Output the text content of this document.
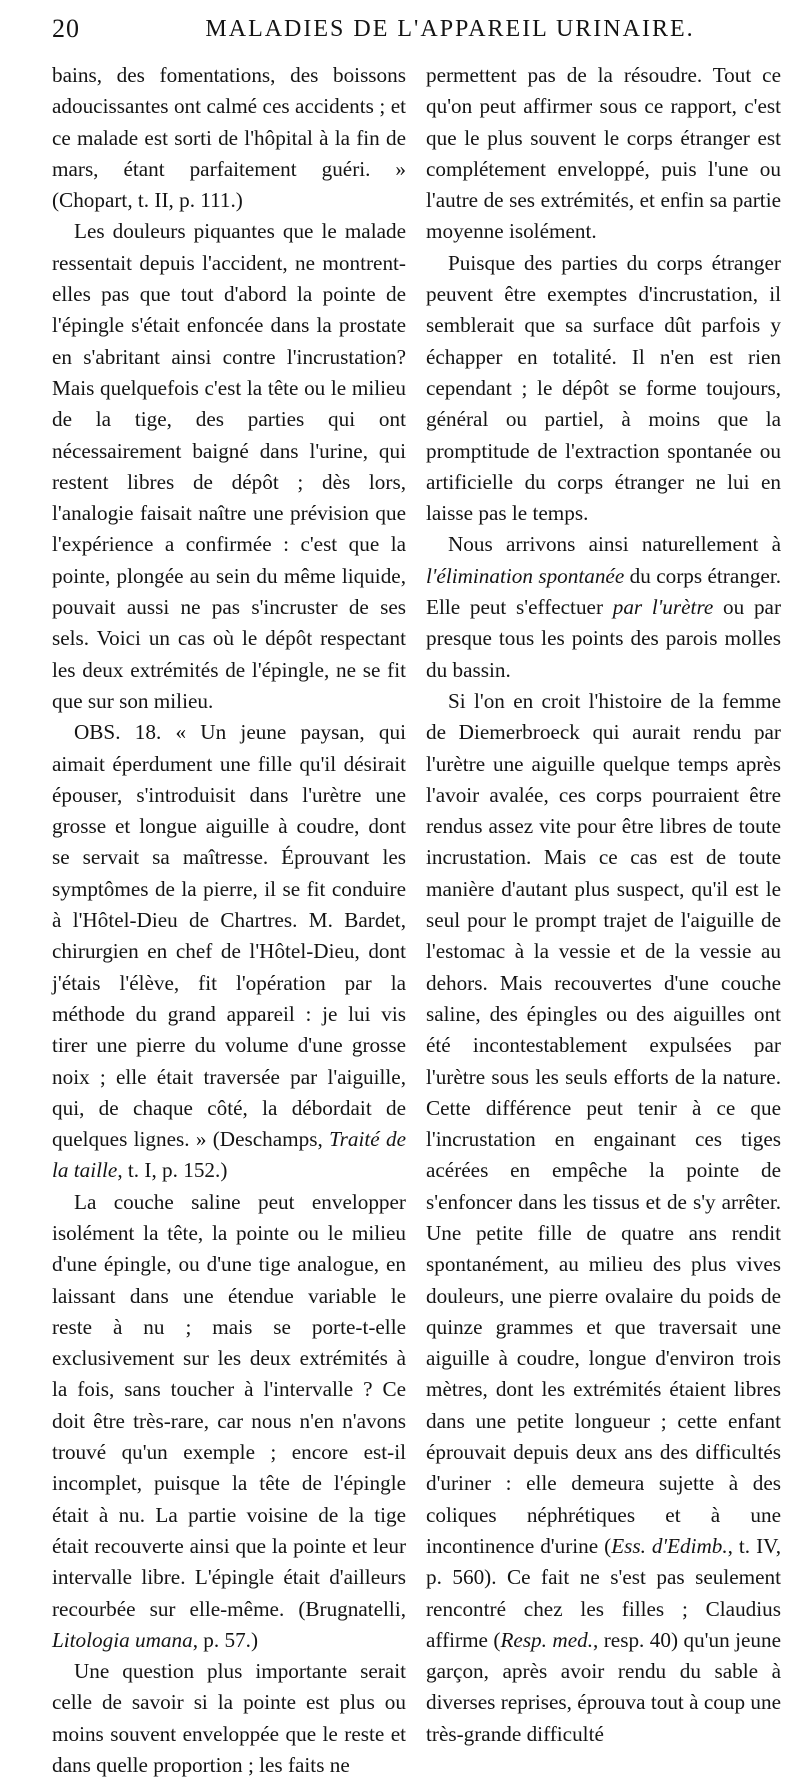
20	MALADIES DE L'APPAREIL URINAIRE.

bains, des fomentations, des boissons adoucissantes ont calmé ces accidents ; et ce malade est sorti de l'hôpital à la fin de mars, étant parfaitement guéri. » (Chopart, t. II, p. 111.)

Les douleurs piquantes que le malade ressentait depuis l'accident, ne montrent-elles pas que tout d'abord la pointe de l'épingle s'était enfoncée dans la prostate en s'abritant ainsi contre l'incrustation? Mais quelquefois c'est la tête ou le milieu de la tige, des parties qui ont nécessairement baigné dans l'urine, qui restent libres de dépôt ; dès lors, l'analogie faisait naître une prévision que l'expérience a confirmée : c'est que la pointe, plongée au sein du même liquide, pouvait aussi ne pas s'incruster de ses sels. Voici un cas où le dépôt respectant les deux extrémités de l'épingle, ne se fit que sur son milieu.

OBS. 18. « Un jeune paysan, qui aimait éperdument une fille qu'il désirait épouser, s'introduisit dans l'urètre une grosse et longue aiguille à coudre, dont se servait sa maîtresse. Éprouvant les symptômes de la pierre, il se fit conduire à l'Hôtel-Dieu de Chartres. M. Bardet, chirurgien en chef de l'Hôtel-Dieu, dont j'étais l'élève, fit l'opération par la méthode du grand appareil : je lui vis tirer une pierre du volume d'une grosse noix ; elle était traversée par l'aiguille, qui, de chaque côté, la débordait de quelques lignes. » (Deschamps, Traité de la taille, t. I, p. 152.)

La couche saline peut envelopper isolément la tête, la pointe ou le milieu d'une épingle, ou d'une tige analogue, en laissant dans une étendue variable le reste à nu ; mais se porte-t-elle exclusivement sur les deux extrémités à la fois, sans toucher à l'intervalle ? Ce doit être très-rare, car nous n'en n'avons trouvé qu'un exemple ; encore est-il incomplet, puisque la tête de l'épingle était à nu. La partie voisine de la tige était recouverte ainsi que la pointe et leur intervalle libre. L'épingle était d'ailleurs recourbée sur elle-même. (Brugnatelli, Litologia umana, p. 57.)

Une question plus importante serait celle de savoir si la pointe est plus ou moins souvent enveloppée que le reste et dans quelle proportion ; les faits ne

permettent pas de la résoudre. Tout ce qu'on peut affirmer sous ce rapport, c'est que le plus souvent le corps étranger est complétement enveloppé, puis l'une ou l'autre de ses extrémités, et enfin sa partie moyenne isolément.

Puisque des parties du corps étranger peuvent être exemptes d'incrustation, il semblerait que sa surface dût parfois y échapper en totalité. Il n'en est rien cependant ; le dépôt se forme toujours, général ou partiel, à moins que la promptitude de l'extraction spontanée ou artificielle du corps étranger ne lui en laisse pas le temps.

Nous arrivons ainsi naturellement à l'élimination spontanée du corps étranger. Elle peut s'effectuer par l'urètre ou par presque tous les points des parois molles du bassin.

Si l'on en croit l'histoire de la femme de Diemerbroeck qui aurait rendu par l'urètre une aiguille quelque temps après l'avoir avalée, ces corps pourraient être rendus assez vite pour être libres de toute incrustation. Mais ce cas est de toute manière d'autant plus suspect, qu'il est le seul pour le prompt trajet de l'aiguille de l'estomac à la vessie et de la vessie au dehors. Mais recouvertes d'une couche saline, des épingles ou des aiguilles ont été incontestablement expulsées par l'urètre sous les seuls efforts de la nature. Cette différence peut tenir à ce que l'incrustation en engainant ces tiges acérées en empêche la pointe de s'enfoncer dans les tissus et de s'y arrêter. Une petite fille de quatre ans rendit spontanément, au milieu des plus vives douleurs, une pierre ovalaire du poids de quinze grammes et que traversait une aiguille à coudre, longue d'environ trois mètres, dont les extrémités étaient libres dans une petite longueur ; cette enfant éprouvait depuis deux ans des difficultés d'uriner : elle demeura sujette à des coliques néphrétiques et à une incontinence d'urine (Ess. d'Edimb., t. IV, p. 560). Ce fait ne s'est pas seulement rencontré chez les filles ; Claudius affirme (Resp. med., resp. 40) qu'un jeune garçon, après avoir rendu du sable à diverses reprises, éprouva tout à coup une très-grande difficulté
